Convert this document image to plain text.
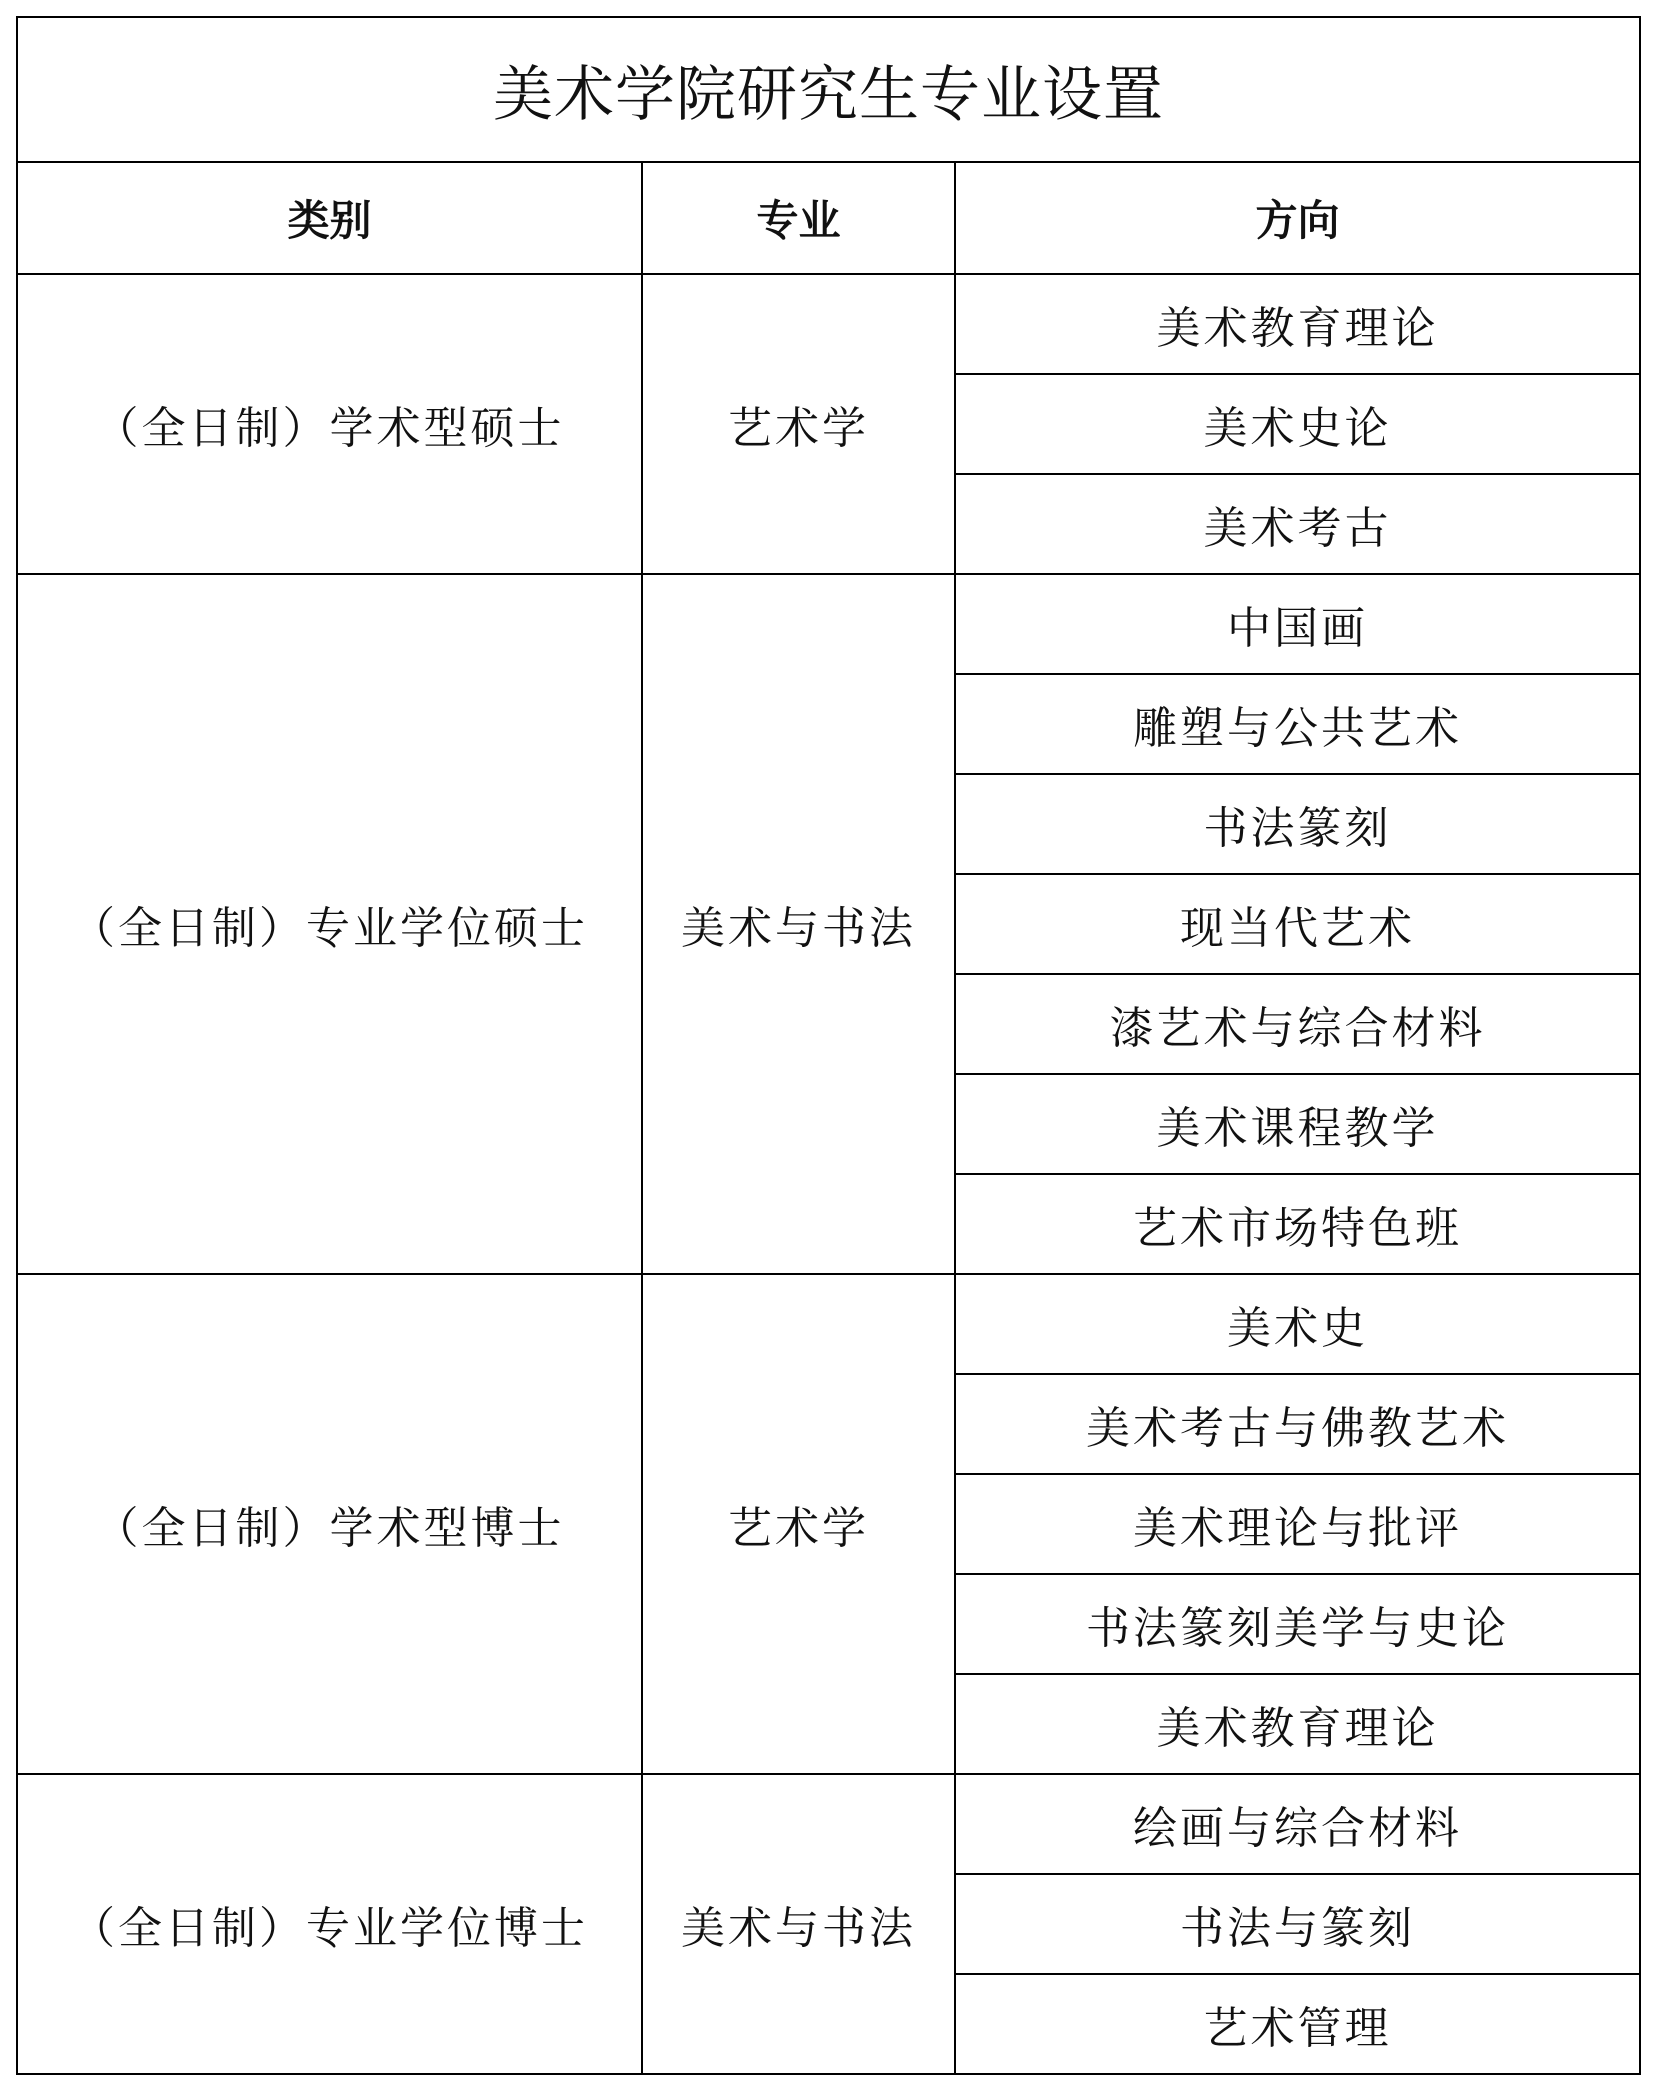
美术学院研究生专业设置		
类别	专业	方向
（全日制）学术型硕士	艺术学	美术教育理论
		美术史论
		美术考古
（全日制）专业学位硕士	美术与书法	中国画
		雕塑与公共艺术
		书法篆刻
		现当代艺术
		漆艺术与综合材料
		美术课程教学
		艺术市场特色班
（全日制）学术型博士	艺术学	美术史
		美术考古与佛教艺术
		美术理论与批评
		书法篆刻美学与史论
		美术教育理论
（全日制）专业学位博士	美术与书法	绘画与综合材料
		书法与篆刻
		艺术管理
